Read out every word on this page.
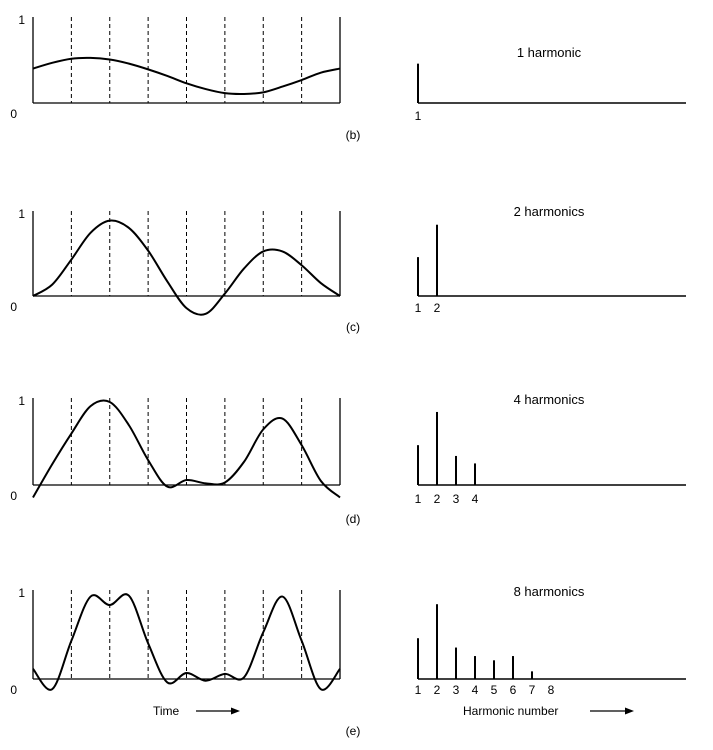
1
0
(b)
1
1 harmonic
1
0
(c)
1 2
2 harmonics
1
0
(d)
1 2 3 4
4 harmonics
1
0
(e)
1 2 3 4 5 6 7 8
8 harmonics
Time	Harmonic number
